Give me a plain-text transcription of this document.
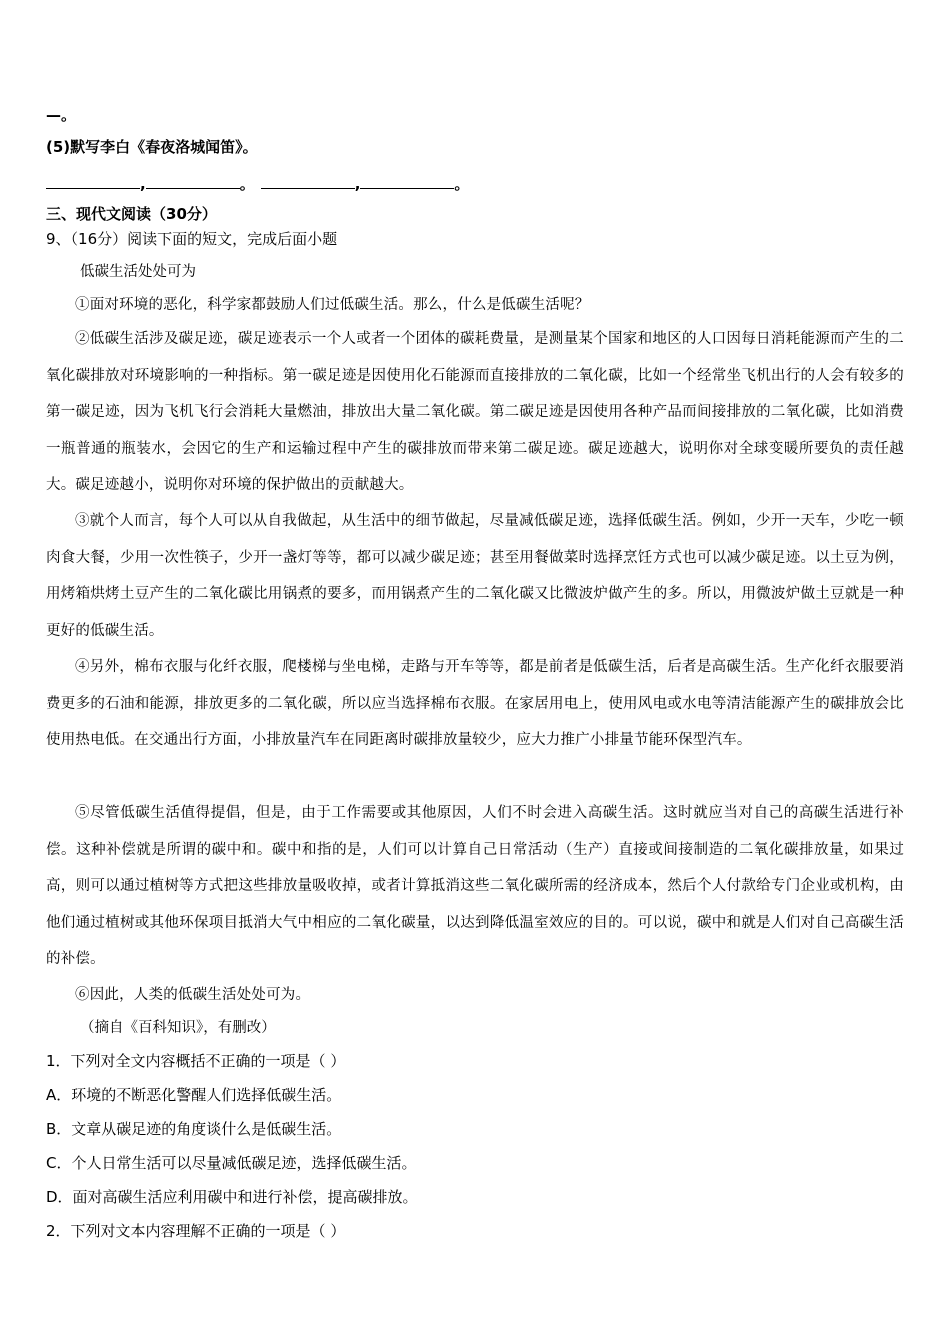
—。
(5)默写李白《春夜洛城闻笛》。
,	。	,	。
三、现代文阅读（30分）
9、（16分）阅读下面的短文，完成后面小题
低碳生活处处可为
①面对环境的恶化，科学家都鼓励人们过低碳生活。那么，什么是低碳生活呢？
②低碳生活涉及碳足迹，碳足迹表示一个人或者一个团体的碳耗费量，是测量某个国家和地区的人口因每日消耗能源而产生的二氧化碳排放对环境影响的一种指标。第一碳足迹是因使用化石能源而直接排放的二氧化碳，比如一个经常坐飞机出行的人会有较多的第一碳足迹，因为飞机飞行会消耗大量燃油，排放出大量二氧化碳。第二碳足迹是因使用各种产品而间接排放的二氧化碳，比如消费一瓶普通的瓶装水，会因它的生产和运输过程中产生的碳排放而带来第二碳足迹。碳足迹越大，说明你对全球变暖所要负的责任越大。碳足迹越小，说明你对环境的保护做出的贡献越大。
③就个人而言，每个人可以从自我做起，从生活中的细节做起，尽量减低碳足迹，选择低碳生活。例如，少开一天车，少吃一顿肉食大餐，少用一次性筷子，少开一盏灯等等，都可以减少碳足迹；甚至用餐做菜时选择烹饪方式也可以减少碳足迹。以土豆为例，用烤箱烘烤土豆产生的二氧化碳比用锅煮的要多，而用锅煮产生的二氧化碳又比微波炉做产生的多。所以，用微波炉做土豆就是一种更好的低碳生活。
④另外，棉布衣服与化纤衣服，爬楼梯与坐电梯，走路与开车等等，都是前者是低碳生活，后者是高碳生活。生产化纤衣服要消费更多的石油和能源，排放更多的二氧化碳，所以应当选择棉布衣服。在家居用电上，使用风电或水电等清洁能源产生的碳排放会比使用热电低。在交通出行方面，小排放量汽车在同距离时碳排放量较少，应大力推广小排量节能环保型汽车。
⑤尽管低碳生活值得提倡，但是，由于工作需要或其他原因，人们不时会进入高碳生活。这时就应当对自己的高碳生活进行补偿。这种补偿就是所谓的碳中和。碳中和指的是，人们可以计算自己日常活动（生产）直接或间接制造的二氧化碳排放量，如果过高，则可以通过植树等方式把这些排放量吸收掉，或者计算抵消这些二氧化碳所需的经济成本，然后个人付款给专门企业或机构，由他们通过植树或其他环保项目抵消大气中相应的二氧化碳量，以达到降低温室效应的目的。可以说，碳中和就是人们对自己高碳生活的补偿。
⑥因此，人类的低碳生活处处可为。
（摘自《百科知识》，有删改）
1．下列对全文内容概括不正确的一项是（ ）
A．环境的不断恶化警醒人们选择低碳生活。
B．文章从碳足迹的角度谈什么是低碳生活。
C．个人日常生活可以尽量减低碳足迹，选择低碳生活。
D．面对高碳生活应利用碳中和进行补偿，提高碳排放。
2．下列对文本内容理解不正确的一项是（ ）
